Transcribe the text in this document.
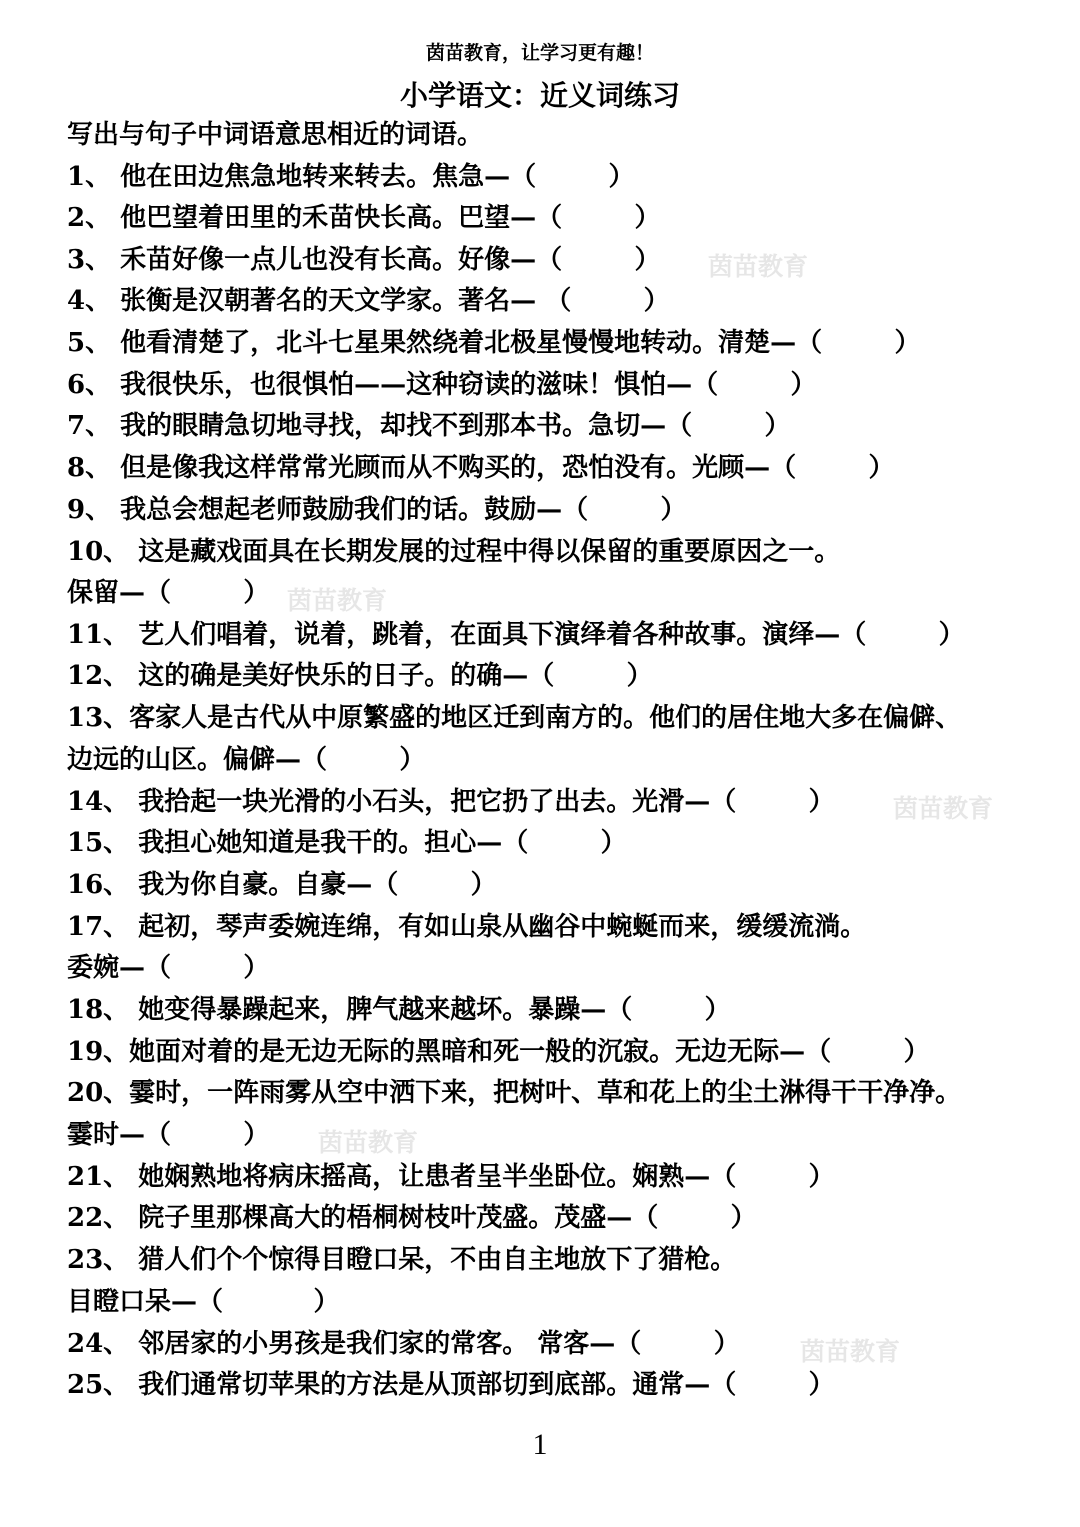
茵苗教育，让学习更有趣！
小学语文：近义词练习
写出与句子中词语意思相近的词语。
1、 他在田边焦急地转来转去。焦急—（        ）
2、 他巴望着田里的禾苗快长高。巴望—（        ）
3、 禾苗好像一点儿也没有长高。好像—（        ）
4、 张衡是汉朝著名的天文学家。著名— （        ）
5、 他看清楚了，北斗七星果然绕着北极星慢慢地转动。清楚—（        ）
6、 我很快乐，也很惧怕——这种窃读的滋味！惧怕—（        ）
7、 我的眼睛急切地寻找，却找不到那本书。急切—（        ）
8、 但是像我这样常常光顾而从不购买的，恐怕没有。光顾—（        ）
9、 我总会想起老师鼓励我们的话。鼓励—（        ）
10、 这是藏戏面具在长期发展的过程中得以保留的重要原因之一。
保留—（        ）
11、 艺人们唱着，说着，跳着，在面具下演绎着各种故事。演绎—（        ）
12、 这的确是美好快乐的日子。的确—（        ）
13、客家人是古代从中原繁盛的地区迁到南方的。他们的居住地大多在偏僻、
边远的山区。偏僻—（        ）
14、 我拾起一块光滑的小石头，把它扔了出去。光滑—（        ）
15、 我担心她知道是我干的。担心—（        ）
16、 我为你自豪。自豪—（        ）
17、 起初，琴声委婉连绵，有如山泉从幽谷中蜿蜒而来，缓缓流淌。
委婉—（        ）
18、 她变得暴躁起来，脾气越来越坏。暴躁—（        ）
19、她面对着的是无边无际的黑暗和死一般的沉寂。无边无际—（        ）
20、霎时，一阵雨雾从空中洒下来，把树叶、草和花上的尘土淋得干干净净。
霎时—（        ）
21、 她娴熟地将病床摇高，让患者呈半坐卧位。娴熟—（        ）
22、 院子里那棵高大的梧桐树枝叶茂盛。茂盛—（        ）
23、 猎人们个个惊得目瞪口呆，不由自主地放下了猎枪。
目瞪口呆—（          ）
24、 邻居家的小男孩是我们家的常客。 常客—（        ）
25、 我们通常切苹果的方法是从顶部切到底部。通常—（        ）
茵苗教育
茵苗教育
茵苗教育
茵苗教育
茵苗教育
1
